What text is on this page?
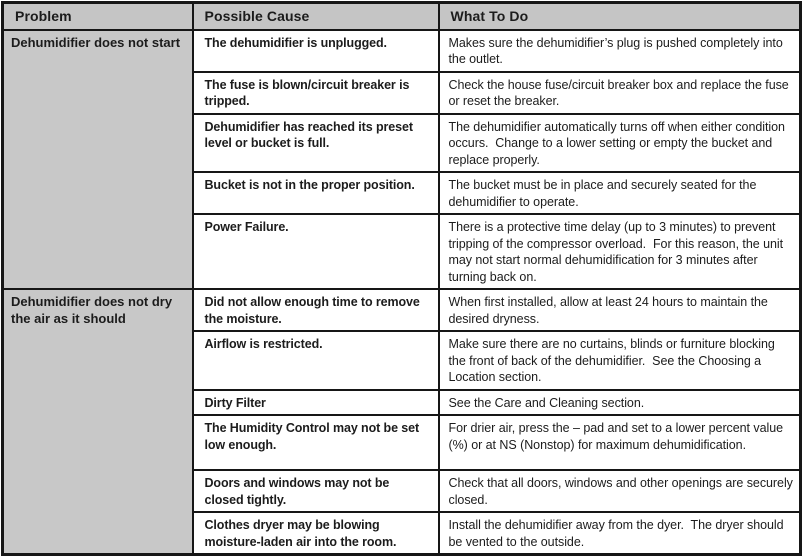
Problem	Possible Cause	What To Do
Dehumidifier does not start	The dehumidifier is unplugged.	Makes sure the dehumidifier’s plug is pushed completely into the outlet.
	The fuse is blown/circuit breaker is tripped.	Check the house fuse/circuit breaker box and replace the fuse or reset the breaker.
	Dehumidifier has reached its preset level or bucket is full.	The dehumidifier automatically turns off when either condition occurs.  Change to a lower setting or empty the bucket and replace properly.
	Bucket is not in the proper position.	The bucket must be in place and securely seated for the dehumidifier to operate.
	Power Failure.	There is a protective time delay (up to 3 minutes) to prevent tripping of the compressor overload.  For this reason, the unit may not start normal dehumidification for 3 minutes after turning back on.
Dehumidifier does not dry the air as it should	Did not allow enough time to remove the moisture.	When first installed, allow at least 24 hours to maintain the desired dryness.
	Airflow is restricted.	Make sure there are no curtains, blinds or furniture blocking the front of back of the dehumidifier.  See the Choosing a Location section.
	Dirty Filter	See the Care and Cleaning section.
	The Humidity Control may not be set low enough.	For drier air, press the – pad and set to a lower percent value (%) or at NS (Nonstop) for maximum dehumidification.
	Doors and windows may not be closed tightly.	Check that all doors, windows and other openings are securely closed.
	Clothes dryer may be blowing moisture-laden air into the room.	Install the dehumidifier away from the dyer.  The dryer should be vented to the outside.
